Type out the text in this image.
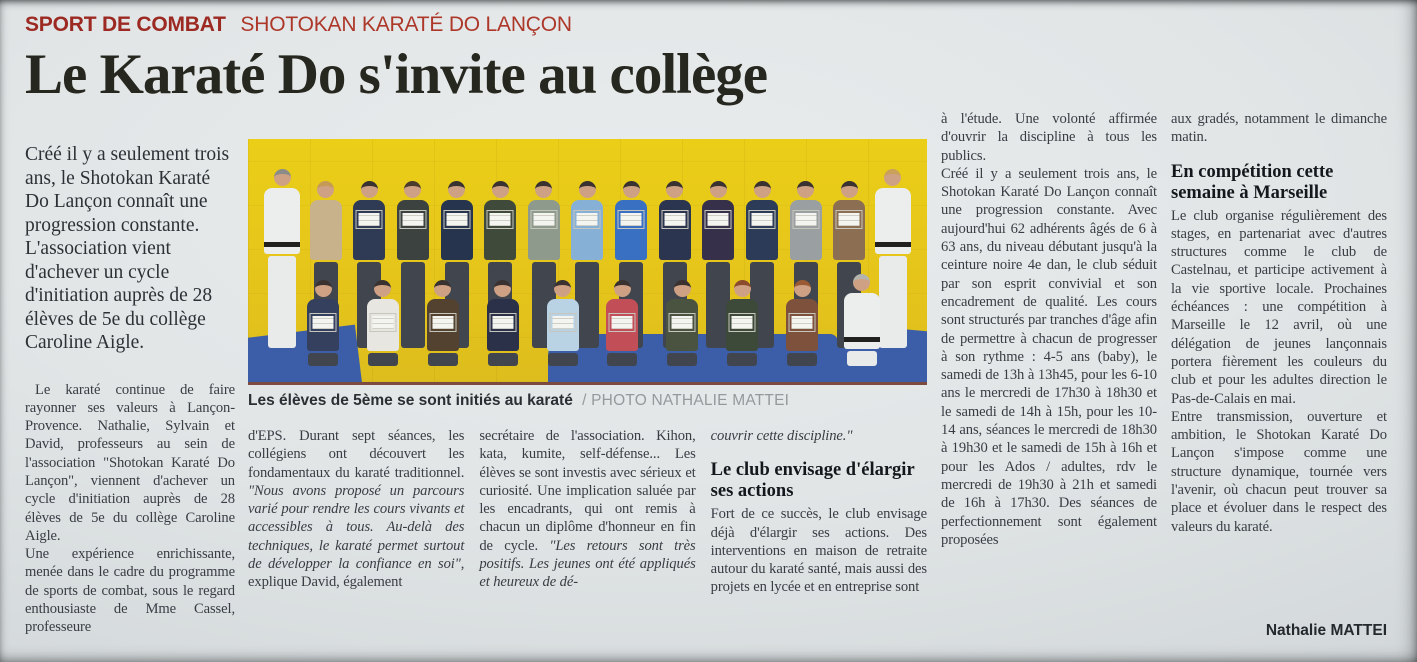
SPORT DE COMBAT SHOTOKAN KARATÉ DO LANÇON
Le Karaté Do s'invite au collège

Créé il y a seulement trois ans, le Shotokan Karaté Do Lançon connaît une progression constante. L'association vient d'achever un cycle d'initiation auprès de 28 élèves de 5e du collège Caroline Aigle.

Le karaté continue de faire rayonner ses valeurs à Lançon-Provence. Nathalie, Sylvain et David, professeurs au sein de l'association "Shotokan Karaté Do Lançon", viennent d'achever un cycle d'initiation auprès de 28 élèves de 5e du collège Caroline Aigle.

Une expérience enrichissante, menée dans le cadre du programme de sports de combat, sous le regard enthousiaste de Mme Cassel, professeure

Les élèves de 5ème se sont initiés au karaté / PHOTO NATHALIE MATTEI

d'EPS. Durant sept séances, les collégiens ont découvert les fondamentaux du karaté traditionnel. "Nous avons proposé un parcours varié pour rendre les cours vivants et accessibles à tous. Au-delà des techniques, le karaté permet surtout de développer la confiance en soi", explique David, également

secrétaire de l'association. Kihon, kata, kumite, self-défense... Les élèves se sont investis avec sérieux et curiosité. Une implication saluée par les encadrants, qui ont remis à chacun un diplôme d'honneur en fin de cycle. "Les retours sont très positifs. Les jeunes ont été appliqués et heureux de dé-

couvrir cette discipline."

Le club envisage d'élargir ses actions

Fort de ce succès, le club envisage déjà d'élargir ses actions. Des interventions en maison de retraite autour du karaté santé, mais aussi des projets en lycée et en entreprise sont

à l'étude. Une volonté affirmée d'ouvrir la discipline à tous les publics.

Créé il y a seulement trois ans, le Shotokan Karaté Do Lançon connaît une progression constante. Avec aujourd'hui 62 adhérents âgés de 6 à 63 ans, du niveau débutant jusqu'à la ceinture noire 4e dan, le club séduit par son esprit convivial et son encadrement de qualité. Les cours sont structurés par tranches d'âge afin de permettre à chacun de progresser à son rythme : 4-5 ans (baby), le samedi de 13h à 13h45, pour les 6-10 ans le mercredi de 17h30 à 18h30 et le samedi de 14h à 15h, pour les 10-14 ans, séances le mercredi de 18h30 à 19h30 et le samedi de 15h à 16h et pour les Ados / adultes, rdv le mercredi de 19h30 à 21h et samedi de 16h à 17h30. Des séances de perfectionnement sont également proposées

aux gradés, notamment le dimanche matin.

En compétition cette semaine à Marseille

Le club organise régulièrement des stages, en partenariat avec d'autres structures comme le club de Castelnau, et participe activement à la vie sportive locale. Prochaines échéances : une compétition à Marseille le 12 avril, où une délégation de jeunes lançonnais portera fièrement les couleurs du club et pour les adultes direction le Pas-de-Calais en mai.

Entre transmission, ouverture et ambition, le Shotokan Karaté Do Lançon s'impose comme une structure dynamique, tournée vers l'avenir, où chacun peut trouver sa place et évoluer dans le respect des valeurs du karaté.

Nathalie MATTEI
